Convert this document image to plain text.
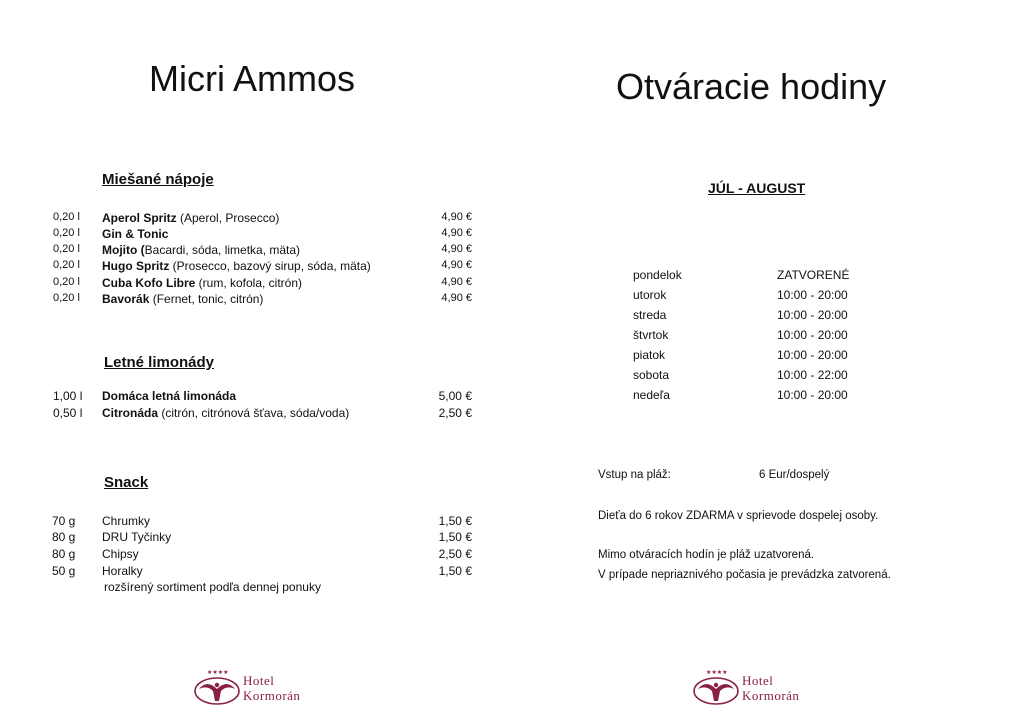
Micri Ammos
Miešané nápoje
0,20 l Aperol Spritz (Aperol, Prosecco)	4,90 €
0,20 l Gin & Tonic	4,90 €
0,20 l Mojito (Bacardi, sóda, limetka, mäta)	4,90 €
0,20 l Hugo Spritz (Prosecco, bazový sirup, sóda, mäta)	4,90 €
0,20 l Cuba Kofo Libre (rum, kofola, citrón)	4,90 €
0,20 l Bavorák (Fernet, tonic, citrón)	4,90 €
Letné limonády
1,00 l Domáca letná limonáda	5,00 €
0,50 l Citronáda (citrón, citrónová šťava, sóda/voda)	2,50 €
Snack
70 g Chrumky	1,50 €
80 g DRU Tyčinky	1,50 €
80 g Chipsy	2,50 €
50 g Horalky	1,50 €
rozšírený sortiment podľa dennej ponuky
★★★★
Hotel
Kormorán
Otváracie hodiny
JÚL - AUGUST
pondelok	ZATVORENÉ
utorok	10:00 - 20:00
streda	10:00 - 20:00
štvrtok	10:00 - 20:00
piatok	10:00 - 20:00
sobota	10:00 - 22:00
nedeľa	10:00 - 20:00
Vstup na pláž:	6 Eur/dospelý
Dieťa do 6 rokov ZDARMA v sprievode dospelej osoby.
Mimo otváracích hodín je pláž uzatvorená.
V prípade nepriaznivého počasia je prevádzka zatvorená.
★★★★
Hotel
Kormorán
